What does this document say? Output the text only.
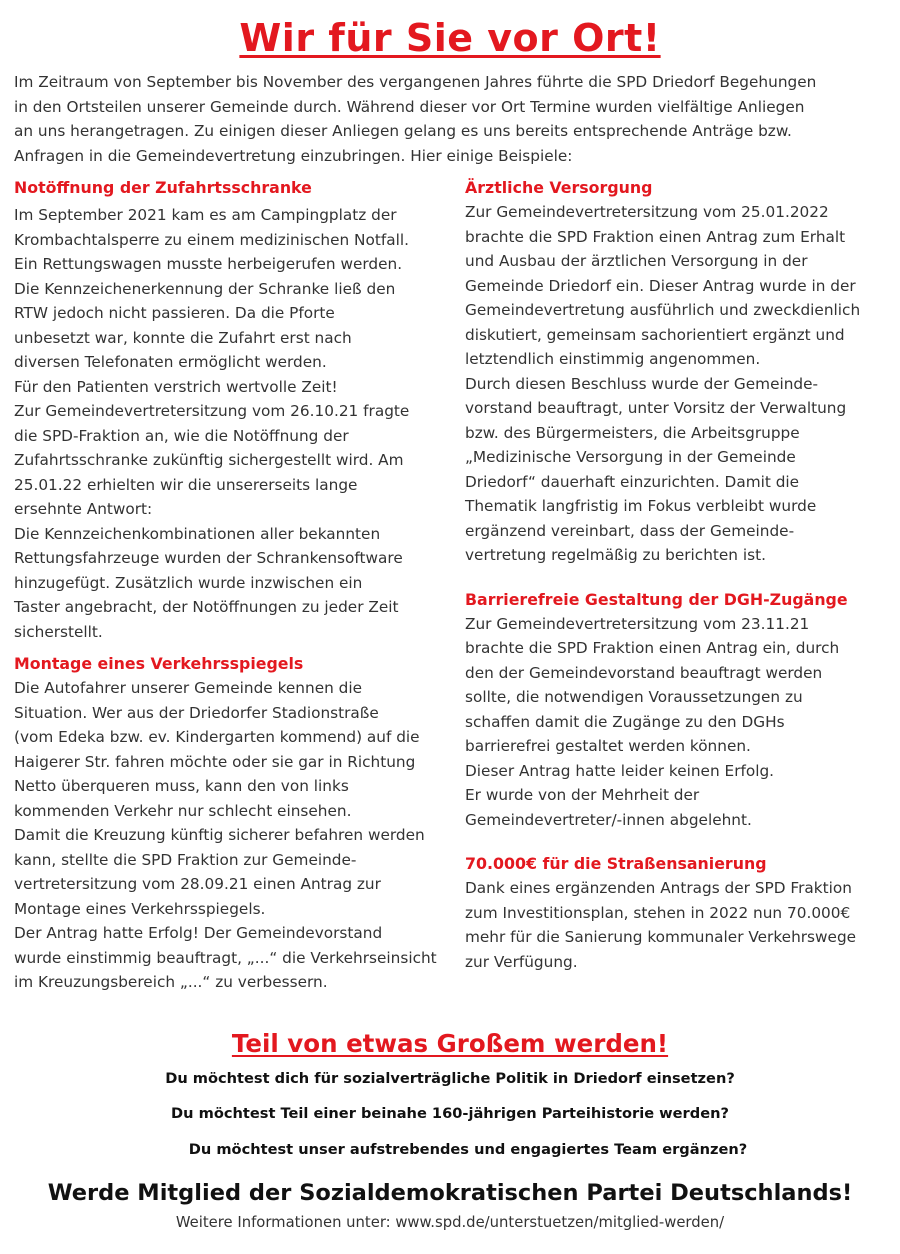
Wir für Sie vor Ort!
Im Zeitraum von September bis November des vergangenen Jahres führte die SPD Driedorf Begehungen
in den Ortsteilen unserer Gemeinde durch. Während dieser vor Ort Termine wurden vielfältige Anliegen
an uns herangetragen. Zu einigen dieser Anliegen gelang es uns bereits entsprechende Anträge bzw.
Anfragen in die Gemeindevertretung einzubringen. Hier einige Beispiele:
Notöffnung der Zufahrtsschranke
Im September 2021 kam es am Campingplatz der
Krombachtalsperre zu einem medizinischen Notfall.
Ein Rettungswagen musste herbeigerufen werden.
Die Kennzeichenerkennung der Schranke ließ den
RTW jedoch nicht passieren. Da die Pforte
unbesetzt war, konnte die Zufahrt erst nach
diversen Telefonaten ermöglicht werden.
Für den Patienten verstrich wertvolle Zeit!
Zur Gemeindevertretersitzung vom 26.10.21 fragte
die SPD-Fraktion an, wie die Notöffnung der
Zufahrtsschranke zukünftig sichergestellt wird. Am
25.01.22 erhielten wir die unsererseits lange
ersehnte Antwort:
Die Kennzeichenkombinationen aller bekannten
Rettungsfahrzeuge wurden der Schrankensoftware
hinzugefügt. Zusätzlich wurde inzwischen ein
Taster angebracht, der Notöffnungen zu jeder Zeit
sicherstellt.
Montage eines Verkehrsspiegels
Die Autofahrer unserer Gemeinde kennen die
Situation. Wer aus der Driedorfer Stadionstraße
(vom Edeka bzw. ev. Kindergarten kommend) auf die
Haigerer Str. fahren möchte oder sie gar in Richtung
Netto überqueren muss, kann den von links
kommenden Verkehr nur schlecht einsehen.
Damit die Kreuzung künftig sicherer befahren werden
kann, stellte die SPD Fraktion zur Gemeinde-
vertretersitzung vom 28.09.21 einen Antrag zur
Montage eines Verkehrsspiegels.
Der Antrag hatte Erfolg! Der Gemeindevorstand
wurde einstimmig beauftragt, „...“ die Verkehrseinsicht
im Kreuzungsbereich „...“ zu verbessern.
Ärztliche Versorgung
Zur Gemeindevertretersitzung vom 25.01.2022
brachte die SPD Fraktion einen Antrag zum Erhalt
und Ausbau der ärztlichen Versorgung in der
Gemeinde Driedorf ein. Dieser Antrag wurde in der
Gemeindevertretung ausführlich und zweckdienlich
diskutiert, gemeinsam sachorientiert ergänzt und
letztendlich einstimmig angenommen.
Durch diesen Beschluss wurde der Gemeinde-
vorstand beauftragt, unter Vorsitz der Verwaltung
bzw. des Bürgermeisters, die Arbeitsgruppe
„Medizinische Versorgung in der Gemeinde
Driedorf“ dauerhaft einzurichten. Damit die
Thematik langfristig im Fokus verbleibt wurde
ergänzend vereinbart, dass der Gemeinde-
vertretung regelmäßig zu berichten ist.
Barrierefreie Gestaltung der DGH-Zugänge
Zur Gemeindevertretersitzung vom 23.11.21
brachte die SPD Fraktion einen Antrag ein, durch
den der Gemeindevorstand beauftragt werden
sollte, die notwendigen Voraussetzungen zu
schaffen damit die Zugänge zu den DGHs
barrierefrei gestaltet werden können.
Dieser Antrag hatte leider keinen Erfolg.
Er wurde von der Mehrheit der
Gemeindevertreter/-innen abgelehnt.
70.000€ für die Straßensanierung
Dank eines ergänzenden Antrags der SPD Fraktion
zum Investitionsplan, stehen in 2022 nun 70.000€
mehr für die Sanierung kommunaler Verkehrswege
zur Verfügung.
Teil von etwas Großem werden!
Du möchtest dich für sozialverträgliche Politik in Driedorf einsetzen?
Du möchtest Teil einer beinahe 160-jährigen Parteihistorie werden?
Du möchtest unser aufstrebendes und engagiertes Team ergänzen?
Werde Mitglied der Sozialdemokratischen Partei Deutschlands!
Weitere Informationen unter: www.spd.de/unterstuetzen/mitglied-werden/
